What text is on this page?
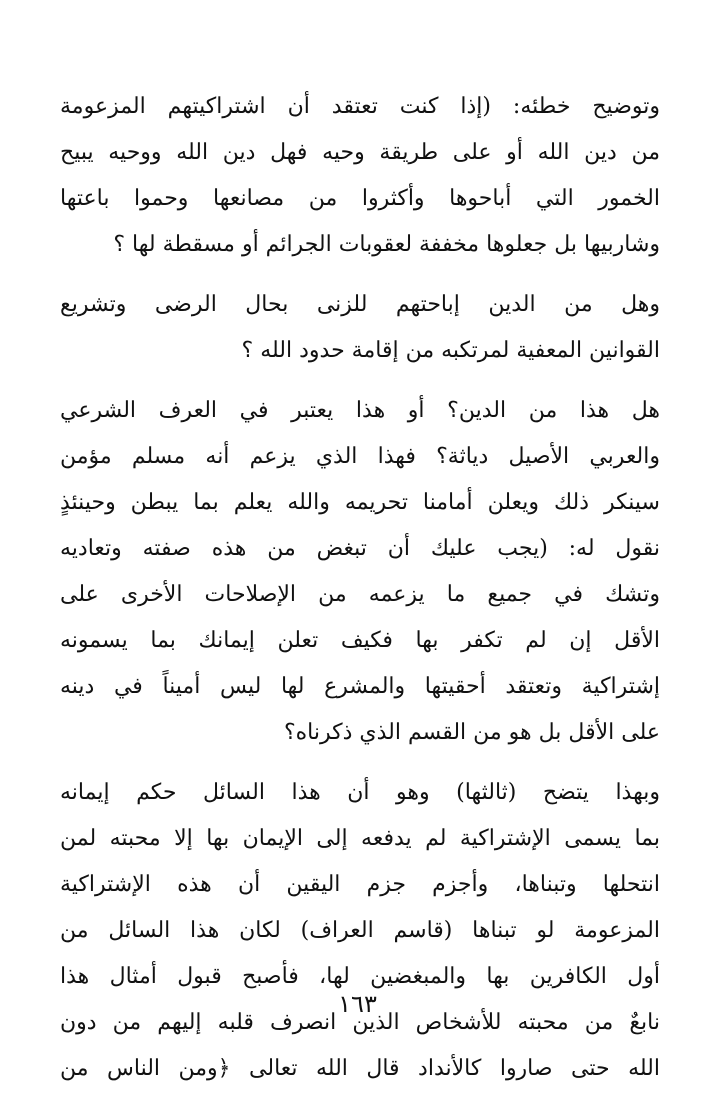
وتوضيح خطئه: (إذا كنت تعتقد أن اشتراكيتهم المزعومة
من دين الله أو على طريقة وحيه فهل دين الله ووحيه يبيح
الخمور التي أباحوها وأكثروا من مصانعها وحموا باعتها
وشاربيها بل جعلوها مخففة لعقوبات الجرائم أو مسقطة لها ؟
وهل من الدين إباحتهم للزنى بحال الرضى وتشريع
القوانين المعفية لمرتكبه من إقامة حدود الله ؟
هل هذا من الدين؟ أو هذا يعتبر في العرف الشرعي
والعربي الأصيل دياثة؟ فهذا الذي يزعم أنه مسلم مؤمن
سينكر ذلك ويعلن أمامنا تحريمه والله يعلم بما يبطن وحينئذٍ
نقول له: (يجب عليك أن تبغض من هذه صفته وتعاديه
وتشك في جميع ما يزعمه من الإصلاحات الأخرى على
الأقل إن لم تكفر بها فكيف تعلن إيمانك بما يسمونه
إشتراكية وتعتقد أحقيتها والمشرع لها ليس أميناً في دينه
على الأقل بل هو من القسم الذي ذكرناه؟
وبهذا يتضح (ثالثها) وهو أن هذا السائل حكم إيمانه
بما يسمى الإشتراكية لم يدفعه إلى الإيمان بها إلا محبته لمن
انتحلها وتبناها، وأجزم جزم اليقين أن هذه الإشتراكية
المزعومة لو تبناها (قاسم العراف) لكان هذا السائل من
أول الكافرين بها والمبغضين لها، فأصبح قبول أمثال هذا
نابعٌ من محبته للأشخاص الذين انصرف قلبه إليهم من دون
الله حتى صاروا كالأنداد قال الله تعالى ﴿ومن الناس من
١٦٣
